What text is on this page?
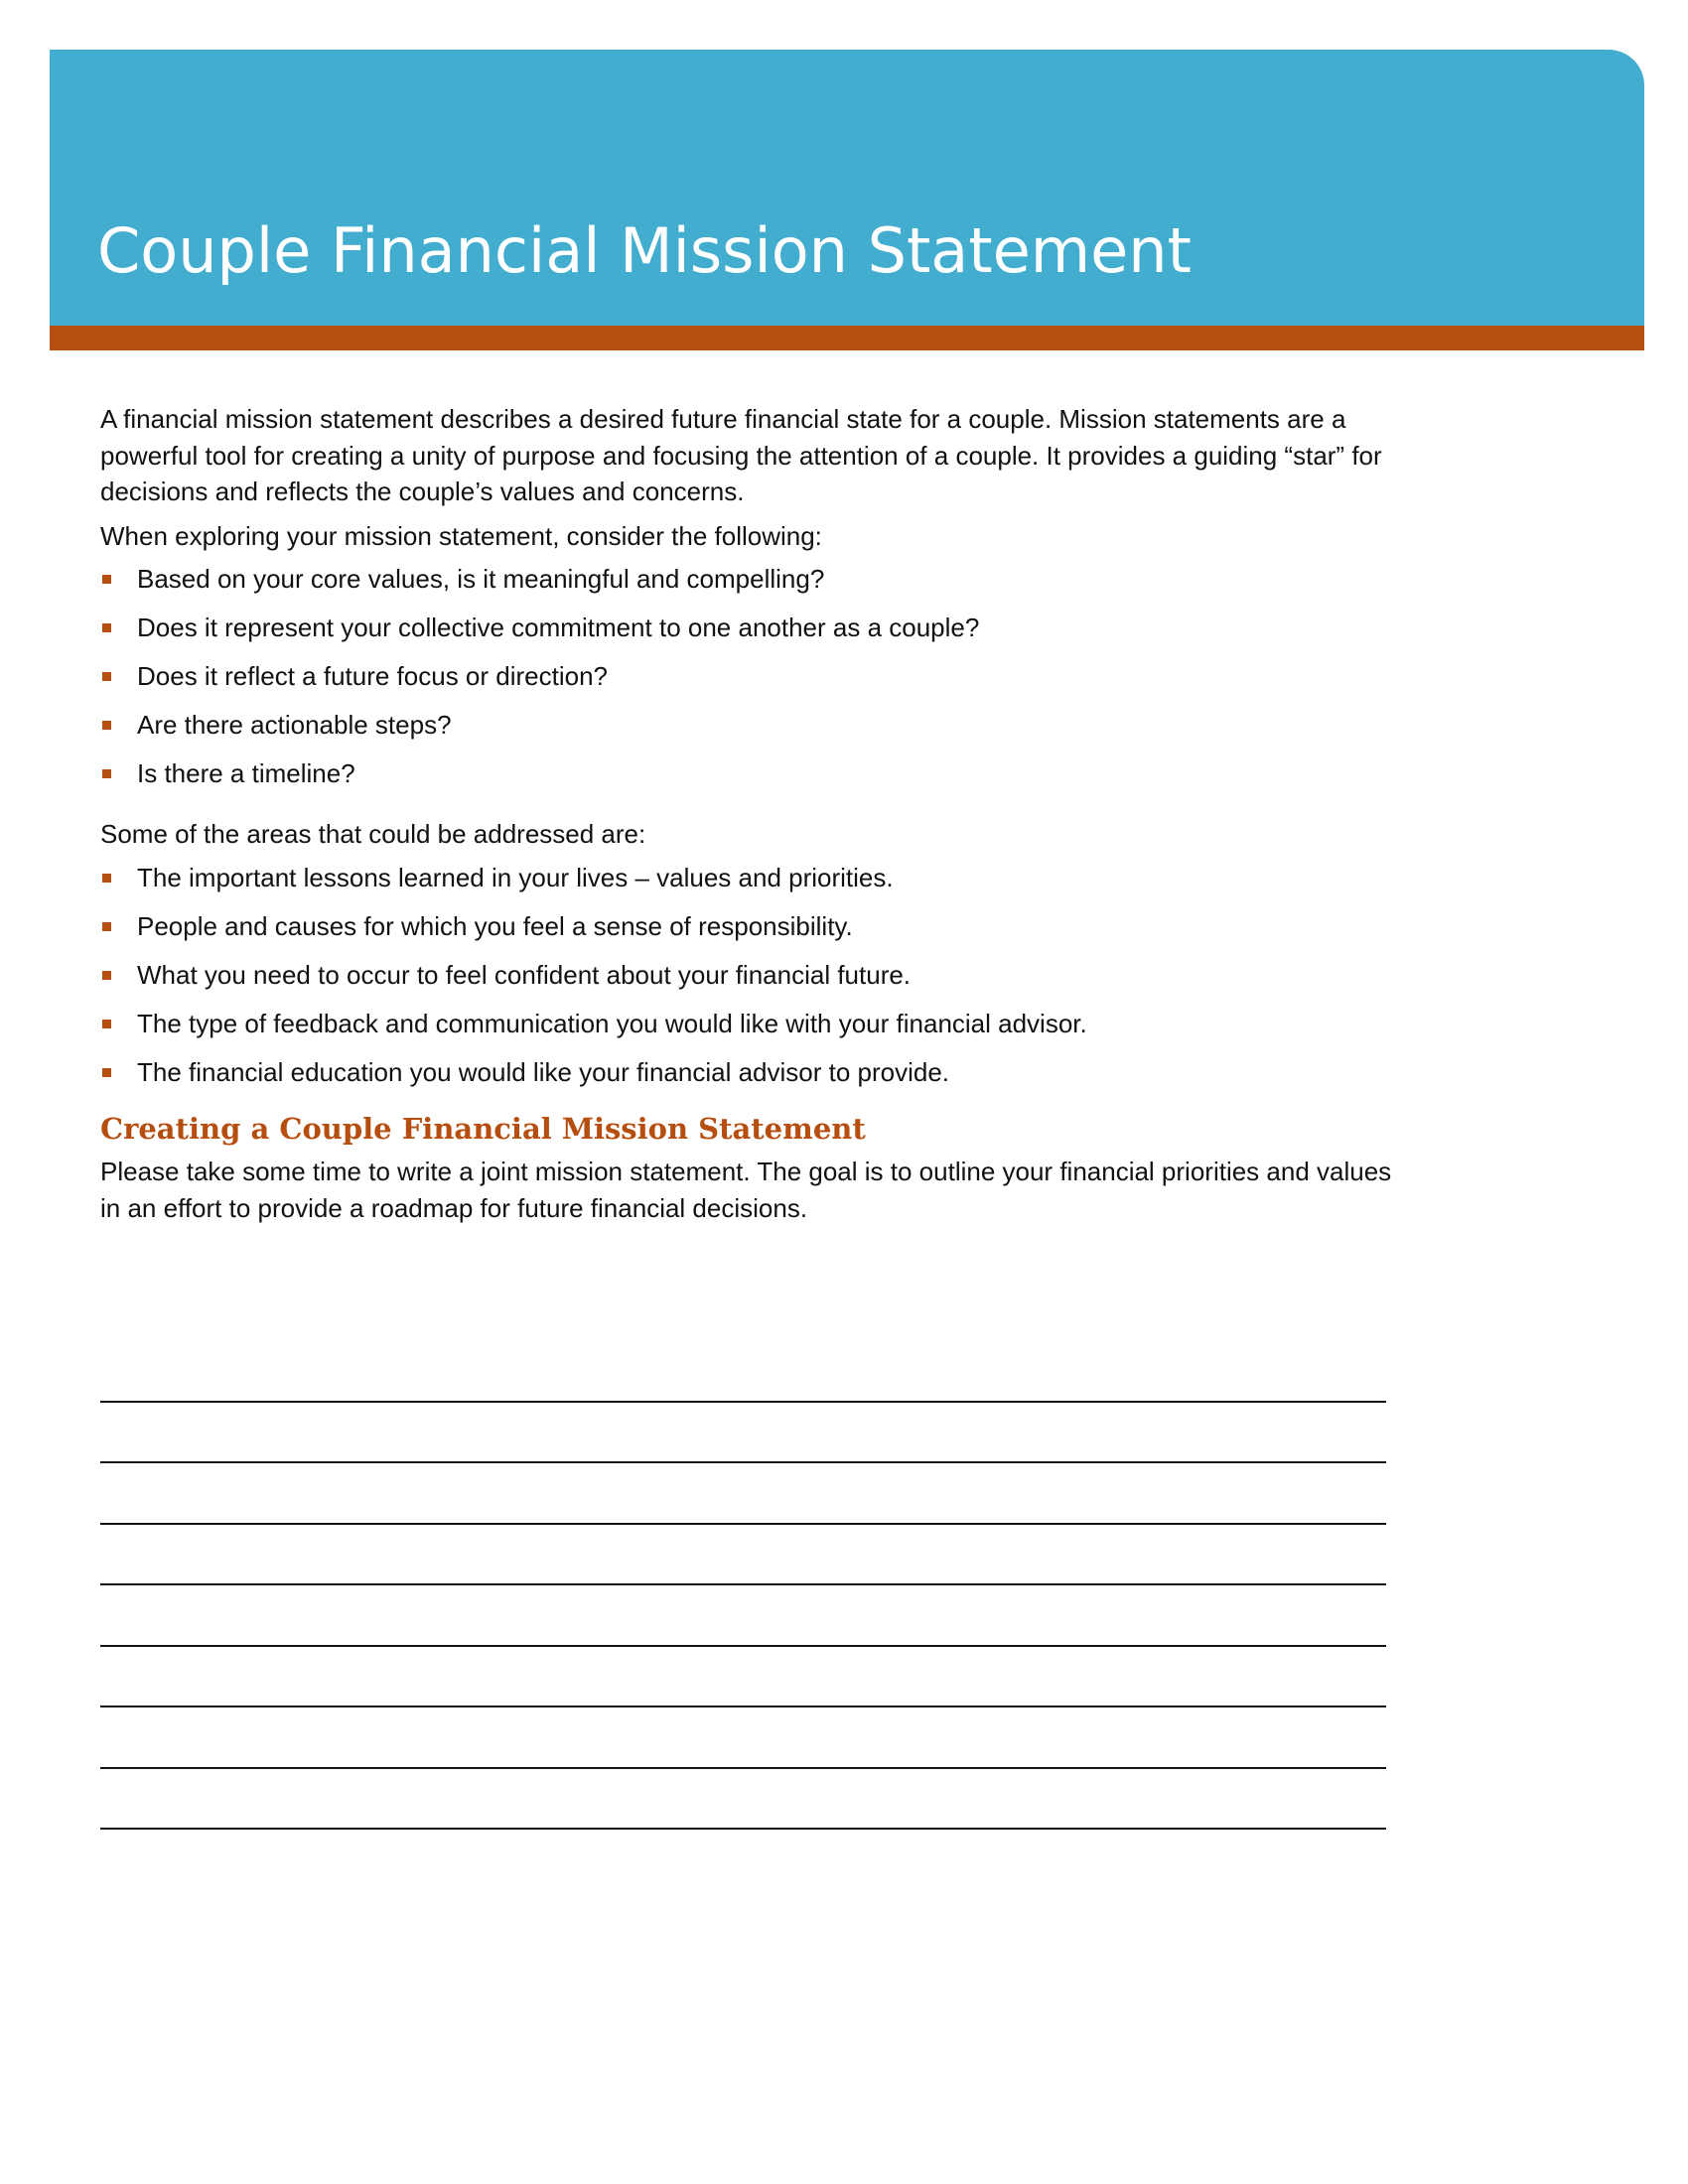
Couple Financial Mission Statement

A financial mission statement describes a desired future financial state for a couple. Mission statements are a powerful tool for creating a unity of purpose and focusing the attention of a couple. It provides a guiding “star” for decisions and reflects the couple’s values and concerns.

When exploring your mission statement, consider the following:

Based on your core values, is it meaningful and compelling?
Does it represent your collective commitment to one another as a couple?
Does it reflect a future focus or direction?
Are there actionable steps?
Is there a timeline?

Some of the areas that could be addressed are:

The important lessons learned in your lives – values and priorities.
People and causes for which you feel a sense of responsibility.
What you need to occur to feel confident about your financial future.
The type of feedback and communication you would like with your financial advisor.
The financial education you would like your financial advisor to provide.
Creating a Couple Financial Mission Statement

Please take some time to write a joint mission statement. The goal is to outline your financial priorities and values in an effort to provide a roadmap for future financial decisions.
